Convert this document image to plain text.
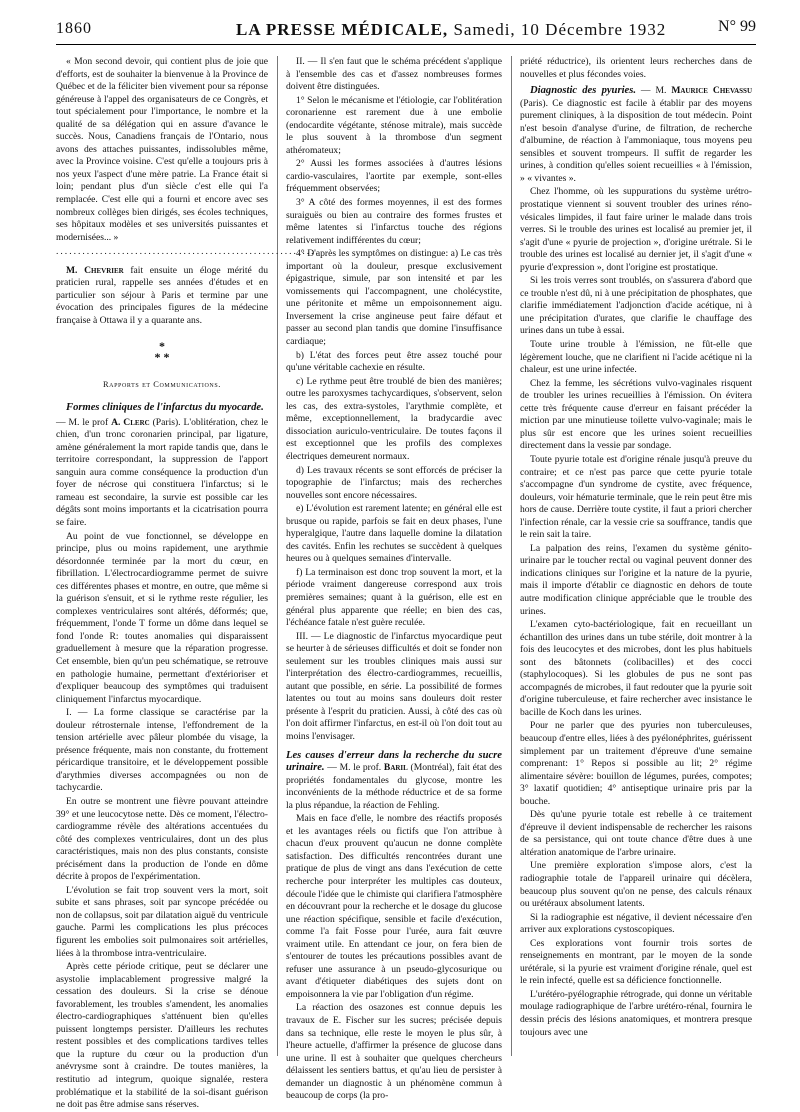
1860	LA PRESSE MÉDICALE, Samedi, 10 Décembre 1932	N° 99

« Mon second devoir, qui contient plus de joie que d'efforts, est de souhaiter la bienvenue à la Province de Québec et de la féliciter bien vivement pour sa réponse généreuse à l'appel des organisateurs de ce Congrès, et tout spécialement pour l'importance, le nombre et la qualité de sa délégation qui en assure d'avance le succès. Nous, Canadiens français de l'Ontario, nous avons des attaches puissantes, indissolubles même, avec la Province voisine. C'est qu'elle a toujours pris à nos yeux l'aspect d'une mère patrie. La France était si loin; pendant plus d'un siècle c'est elle qui l'a remplacée. C'est elle qui a fourni et encore avec ses nombreux collèges bien dirigés, ses écoles techniques, ses hôpitaux modèles et ses universités puissantes et modernisées... »

............................................................

M. Chevrier fait ensuite un éloge mérité du praticien rural, rappelle ses années d'études et en particulier son séjour à Paris et termine par une évocation des principales figures de la médecine française à Ottawa il y a quarante ans.

*
* *
Rapports et Communications.
Formes cliniques de l'infarctus du myocarde.

— M. le prof A. Clerc (Paris). L'oblitération, chez le chien, d'un tronc coronarien principal, par ligature, amène généralement la mort rapide tandis que, dans le territoire correspondant, la suppression de l'apport sanguin aura comme conséquence la production d'un foyer de nécrose qui constituera l'infarctus; si le rameau est secondaire, la survie est possible car les dégâts sont moins importants et la cicatrisation pourra se faire.

Au point de vue fonctionnel, se développe en principe, plus ou moins rapidement, une arythmie désordonnée terminée par la mort du cœur, en fibrillation. L'électrocardiogramme permet de suivre ces différentes phases et montre, en outre, que même si la guérison s'ensuit, et si le rythme reste régulier, les complexes ventriculaires sont altérés, déformés; que, fréquemment, l'onde T forme un dôme dans lequel se fond l'onde R: toutes anomalies qui disparaissent graduellement à mesure que la réparation progresse. Cet ensemble, bien qu'un peu schématique, se retrouve en pathologie humaine, permettant d'extérioriser et d'expliquer beaucoup des symptômes qui traduisent cliniquement l'infarctus myocardique.

I. — La forme classique se caractérise par la douleur rétrosternale intense, l'effondrement de la tension artérielle avec pâleur plombée du visage, la présence fréquente, mais non constante, du frottement péricardique transitoire, et le développement possible d'arythmies diverses accompagnées ou non de tachycardie.

En outre se montrent une fièvre pouvant atteindre 39° et une leucocytose nette. Dès ce moment, l'électro-cardiogramme révèle des altérations accentuées du côté des complexes ventriculaires, dont un des plus caractéristiques, mais non des plus constants, consiste précisément dans la production de l'onde en dôme décrite à propos de l'expérimentation.

L'évolution se fait trop souvent vers la mort, soit subite et sans phrases, soit par syncope précédée ou non de collapsus, soit par dilatation aiguë du ventricule gauche. Parmi les complications les plus précoces figurent les embolies soit pulmonaires soit artérielles, liées à la thrombose intra-ventriculaire.

Après cette période critique, peut se déclarer une asystolie implacablement progressive malgré la cessation des douleurs. Si la crise se dénoue favorablement, les troubles s'amendent, les anomalies électro-cardiographiques s'atténuent bien qu'elles puissent longtemps persister. D'ailleurs les rechutes restent possibles et des complications tardives telles que la rupture du cœur ou la production d'un anévrysme sont à craindre. De toutes manières, la restitutio ad integrum, quoique signalée, restera problématique et la stabilité de la soi-disant guérison ne doit pas être admise sans réserves.

II. — Il s'en faut que le schéma précédent s'applique à l'ensemble des cas et d'assez nombreuses formes doivent être distinguées.

1° Selon le mécanisme et l'étiologie, car l'oblitération coronarienne est rarement due à une embolie (endocardite végétante, sténose mitrale), mais succède le plus souvent à la thrombose d'un segment athéromateux;

2° Aussi les formes associées à d'autres lésions cardio-vasculaires, l'aortite par exemple, sont-elles fréquemment observées;

3° A côté des formes moyennes, il est des formes suraiguës ou bien au contraire des formes frustes et même latentes si l'infarctus touche des régions relativement indifférentes du cœur;

4° D'après les symptômes on distingue: a) Le cas très important où la douleur, presque exclusivement épigastrique, simule, par son intensité et par les vomissements qui l'accompagnent, une cholécystite, une péritonite et même un empoisonnement aigu. Inversement la crise angineuse peut faire défaut et passer au second plan tandis que domine l'insuffisance cardiaque;

b) L'état des forces peut être assez touché pour qu'une véritable cachexie en résulte.

c) Le rythme peut être troublé de bien des manières; outre les paroxysmes tachycardiques, s'observent, selon les cas, des extra-systoles, l'arythmie complète, et même, exceptionnellement, la bradycardie avec dissociation auriculo-ventriculaire. De toutes façons il est exceptionnel que les profils des complexes électriques demeurent normaux.

d) Les travaux récents se sont efforcés de préciser la topographie de l'infarctus; mais des recherches nouvelles sont encore nécessaires.

e) L'évolution est rarement latente; en général elle est brusque ou rapide, parfois se fait en deux phases, l'une hyperalgique, l'autre dans laquelle domine la dilatation des cavités. Enfin les rechutes se succèdent à quelques heures ou à quelques semaines d'intervalle.

f) La terminaison est donc trop souvent la mort, et la période vraiment dangereuse correspond aux trois premières semaines; quant à la guérison, elle est en général plus apparente que réelle; en bien des cas, l'échéance fatale n'est guère reculée.

III. — Le diagnostic de l'infarctus myocardique peut se heurter à de sérieuses difficultés et doit se fonder non seulement sur les troubles cliniques mais aussi sur l'interprétation des électro-cardiogrammes, recueillis, autant que possible, en série. La possibilité de formes latentes ou tout au moins sans douleurs doit rester présente à l'esprit du praticien. Aussi, à côté des cas où l'on doit affirmer l'infarctus, en est-il où l'on doit tout au moins l'envisager.

Les causes d'erreur dans la recherche du sucre urinaire. — M. le prof. Baril (Montréal), fait état des propriétés fondamentales du glycose, montre les inconvénients de la méthode réductrice et de sa forme la plus répandue, la réaction de Fehling.

Mais en face d'elle, le nombre des réactifs proposés et les avantages réels ou fictifs que l'on attribue à chacun d'eux prouvent qu'aucun ne donne complète satisfaction. Des difficultés rencontrées durant une pratique de plus de vingt ans dans l'exécution de cette recherche pour interpréter les multiples cas douteux, découle l'idée que le chimiste qui clarifiera l'atmosphère en découvrant pour la recherche et le dosage du glucose une réaction spécifique, sensible et facile d'exécution, comme l'a fait Fosse pour l'urée, aura fait œuvre vraiment utile. En attendant ce jour, on fera bien de s'entourer de toutes les précautions possibles avant de refuser une assurance à un pseudo-glycosurique ou avant d'étiqueter diabétiques des sujets dont on empoisonnera la vie par l'obligation d'un régime.

La réaction des osazones est connue depuis les travaux de E. Fischer sur les sucres; précisée depuis dans sa technique, elle reste le moyen le plus sûr, à l'heure actuelle, d'affirmer la présence de glucose dans une urine. Il est à souhaiter que quelques chercheurs délaissent les sentiers battus, et qu'au lieu de persister à demander un diagnostic à un phénomène commun à beaucoup de corps (la pro-

priété réductrice), ils orientent leurs recherches dans de nouvelles et plus fécondes voies.

Diagnostic des pyuries. — M. Maurice Chevassu (Paris). Ce diagnostic est facile à établir par des moyens purement cliniques, à la disposition de tout médecin. Point n'est besoin d'analyse d'urine, de filtration, de recherche d'albumine, de réaction à l'ammoniaque, tous moyens peu sensibles et souvent trompeurs. Il suffit de regarder les urines, à condition qu'elles soient recueillies « à l'émission, » « vivantes ».

Chez l'homme, où les suppurations du système urétro-prostatique viennent si souvent troubler des urines réno-vésicales limpides, il faut faire uriner le malade dans trois verres. Si le trouble des urines est localisé au premier jet, il s'agit d'une « pyurie de projection », d'origine urétrale. Si le trouble des urines est localisé au dernier jet, il s'agit d'une « pyurie d'expression », dont l'origine est prostatique.

Si les trois verres sont troublés, on s'assurera d'abord que ce trouble n'est dû, ni à une précipitation de phosphates, que clarifie immédiatement l'adjonction d'acide acétique, ni à une précipitation d'urates, que clarifie le chauffage des urines dans un tube à essai.

Toute urine trouble à l'émission, ne fût-elle que légèrement louche, que ne clarifient ni l'acide acétique ni la chaleur, est une urine infectée.

Chez la femme, les sécrétions vulvo-vaginales risquent de troubler les urines recueillies à l'émission. On évitera cette très fréquente cause d'erreur en faisant précéder la miction par une minutieuse toilette vulvo-vaginale; mais le plus sûr est encore que les urines soient recueillies directement dans la vessie par sondage.

Toute pyurie totale est d'origine rénale jusqu'à preuve du contraire; et ce n'est pas parce que cette pyurie totale s'accompagne d'un syndrome de cystite, avec fréquence, douleurs, voir hématurie terminale, que le rein peut être mis hors de cause. Derrière toute cystite, il faut a priori chercher l'infection rénale, car la vessie crie sa souffrance, tandis que le rein sait la taire.

La palpation des reins, l'examen du système génito-urinaire par le toucher rectal ou vaginal peuvent donner des indications cliniques sur l'origine et la nature de la pyurie, mais il importe d'établir ce diagnostic en dehors de toute autre modification clinique appréciable que le trouble des urines.

L'examen cyto-bactériologique, fait en recueillant un échantillon des urines dans un tube stérile, doit montrer à la fois des leucocytes et des microbes, dont les plus habituels sont des bâtonnets (colibacilles) et des cocci (staphylocoques). Si les globules de pus ne sont pas accompagnés de microbes, il faut redouter que la pyurie soit d'origine tuberculeuse, et faire rechercher avec insistance le bacille de Koch dans les urines.

Pour ne parler que des pyuries non tuberculeuses, beaucoup d'entre elles, liées à des pyélonéphrites, guérissent simplement par un traitement d'épreuve d'une semaine comprenant: 1° Repos si possible au lit; 2° régime alimentaire sévère: bouillon de légumes, purées, compotes; 3° laxatif quotidien; 4° antiseptique urinaire pris par la bouche.

Dès qu'une pyurie totale est rebelle à ce traitement d'épreuve il devient indispensable de rechercher les raisons de sa persistance, qui ont toute chance d'être dues à une altération anatomique de l'arbre urinaire.

Une première exploration s'impose alors, c'est la radiographie totale de l'appareil urinaire qui décèlera, beaucoup plus souvent qu'on ne pense, des calculs rénaux ou urétéraux absolument latents.

Si la radiographie est négative, il devient nécessaire d'en arriver aux explorations cystoscopiques.

Ces explorations vont fournir trois sortes de renseignements en montrant, par le moyen de la sonde urétérale, si la pyurie est vraiment d'origine rénale, quel est le rein infecté, quelle est sa déficience fonctionnelle.

L'urétéro-pyélographie rétrograde, qui donne un véritable moulage radiographique de l'arbre urétéro-rénal, fournira le dessin précis des lésions anatomiques, et montrera presque toujours avec une
